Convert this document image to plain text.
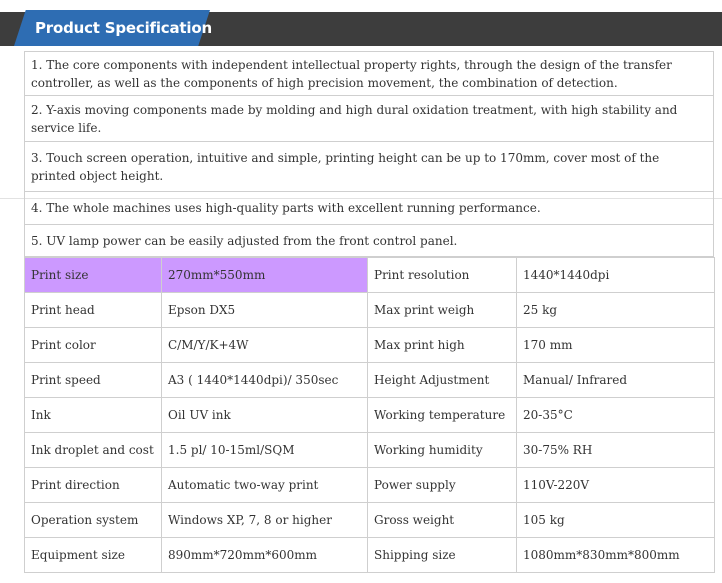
Product Specification
1. The core components with independent intellectual property rights, through the design of the transfer controller, as well as the components of high precision movement, the combination of detection.
2. Y-axis moving components made by molding and high dural oxidation treatment, with high stability and service life.
3. Touch screen operation, intuitive and simple, printing height can be up to 170mm, cover most of the printed object height.
4. The whole machines uses high-quality parts with excellent running performance.
5. UV lamp power can be easily adjusted from the front control panel.
Print size	270mm*550mm	Print resolution	1440*1440dpi
Print head	Epson DX5	Max print weigh	25 kg
Print color	C/M/Y/K+4W	Max print high	170 mm
Print speed	A3 ( 1440*1440dpi)/ 350sec	Height Adjustment	Manual/ Infrared
Ink	Oil UV ink	Working temperature	20-35°C
Ink droplet and cost	1.5 pl/ 10-15ml/SQM	Working humidity	30-75% RH
Print direction	Automatic two-way print	Power supply	110V-220V
Operation system	Windows XP, 7, 8 or higher	Gross weight	105 kg
Equipment size	890mm*720mm*600mm	Shipping size	1080mm*830mm*800mm
